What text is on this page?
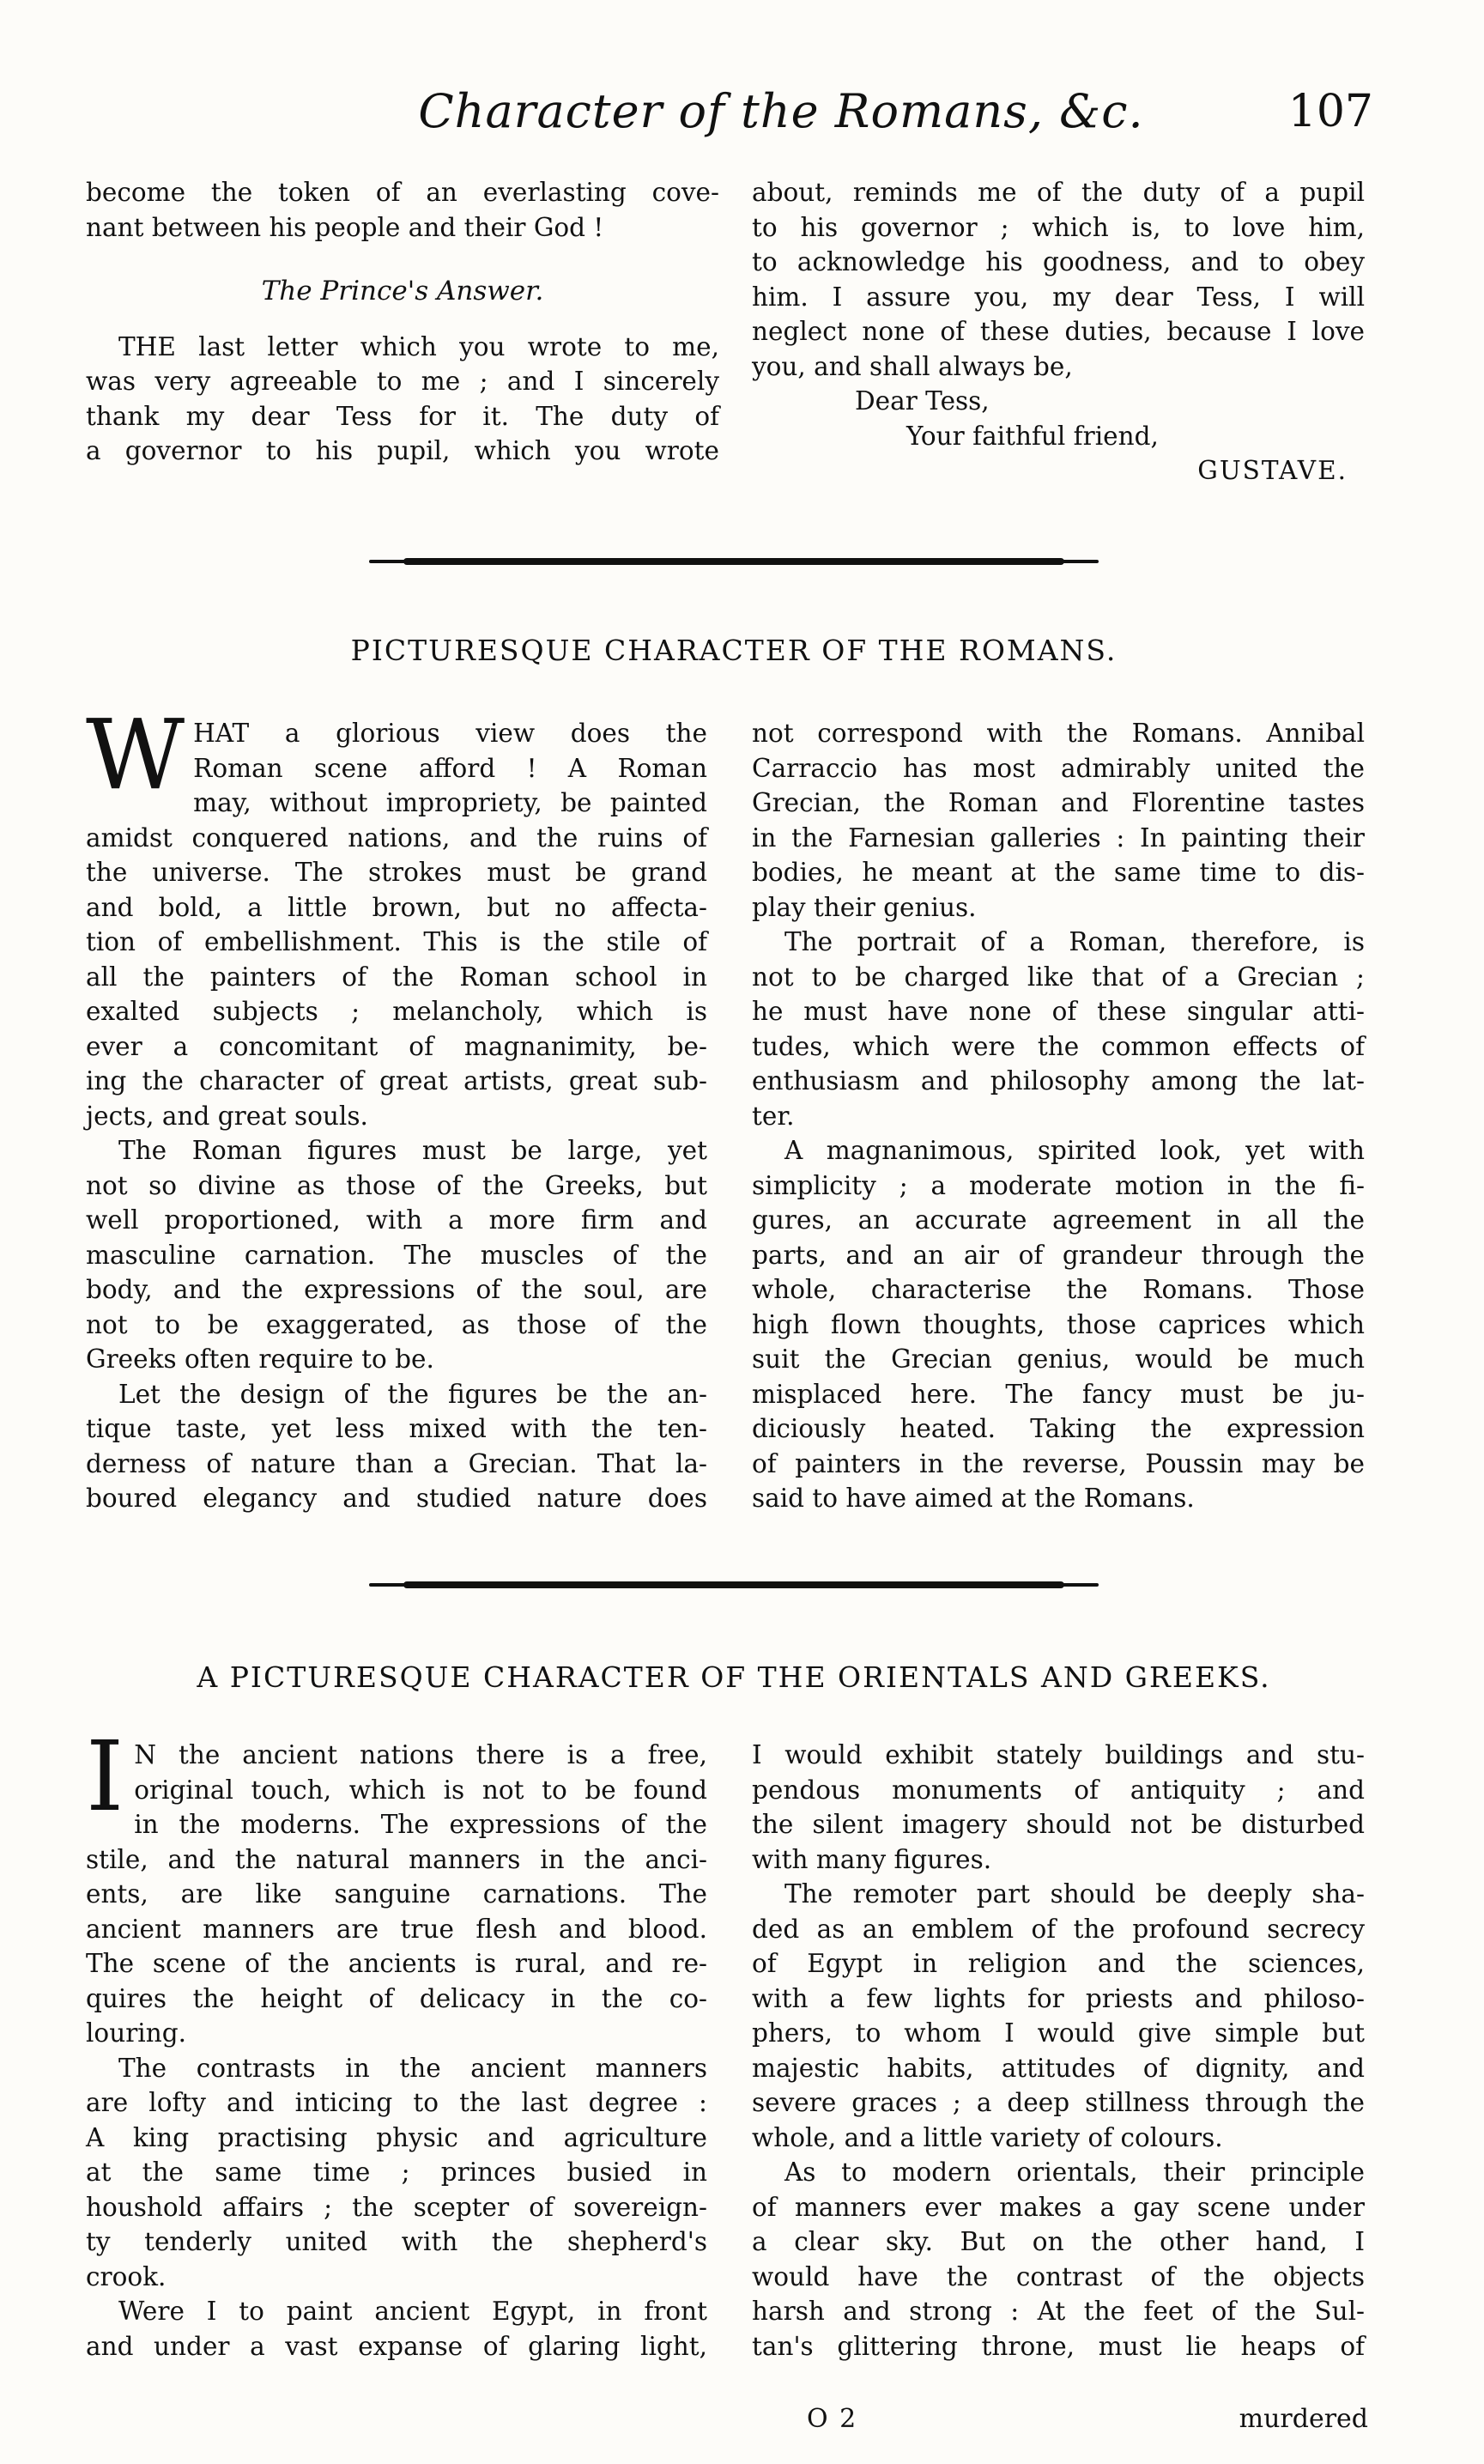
Character of the Romans, &c.	107
become the token of an everlasting cove-
nant between his people and their God !
The Prince's Answer.
THE last letter which you wrote to me,
was very agreeable to me ; and I sincerely
thank my dear Tess for it. The duty of
a governor to his pupil, which you wrote
about, reminds me of the duty of a pupil
to his governor ; which is, to love him,
to acknowledge his goodness, and to obey
him. I assure you, my dear Tess, I will
neglect none of these duties, because I love
you, and shall always be,
Dear Tess,
Your faithful friend,
GUSTAVE.
PICTURESQUE CHARACTER OF THE ROMANS.
W HAT a glorious view does the
Roman scene afford ! A Roman
may, without impropriety, be painted
amidst conquered nations, and the ruins of
the universe. The strokes must be grand
and bold, a little brown, but no affecta-
tion of embellishment. This is the stile of
all the painters of the Roman school in
exalted subjects ; melancholy, which is
ever a concomitant of magnanimity, be-
ing the character of great artists, great sub-
jects, and great souls.
The Roman figures must be large, yet
not so divine as those of the Greeks, but
well proportioned, with a more firm and
masculine carnation. The muscles of the
body, and the expressions of the soul, are
not to be exaggerated, as those of the
Greeks often require to be.
Let the design of the figures be the an-
tique taste, yet less mixed with the ten-
derness of nature than a Grecian. That la-
boured elegancy and studied nature does
not correspond with the Romans. Annibal
Carraccio has most admirably united the
Grecian, the Roman and Florentine tastes
in the Farnesian galleries : In painting their
bodies, he meant at the same time to dis-
play their genius.
The portrait of a Roman, therefore, is
not to be charged like that of a Grecian ;
he must have none of these singular atti-
tudes, which were the common effects of
enthusiasm and philosophy among the lat-
ter.
A magnanimous, spirited look, yet with
simplicity ; a moderate motion in the fi-
gures, an accurate agreement in all the
parts, and an air of grandeur through the
whole, characterise the Romans. Those
high flown thoughts, those caprices which
suit the Grecian genius, would be much
misplaced here. The fancy must be ju-
diciously heated. Taking the expression
of painters in the reverse, Poussin may be
said to have aimed at the Romans.
A PICTURESQUE CHARACTER OF THE ORIENTALS AND GREEKS.
I N the ancient nations there is a free,
original touch, which is not to be found
in the moderns. The expressions of the
stile, and the natural manners in the anci-
ents, are like sanguine carnations. The
ancient manners are true flesh and blood.
The scene of the ancients is rural, and re-
quires the height of delicacy in the co-
louring.
The contrasts in the ancient manners
are lofty and inticing to the last degree :
A king practising physic and agriculture
at the same time ; princes busied in
houshold affairs ; the scepter of sovereign-
ty tenderly united with the shepherd's
crook.
Were I to paint ancient Egypt, in front
and under a vast expanse of glaring light,
I would exhibit stately buildings and stu-
pendous monuments of antiquity ; and
the silent imagery should not be disturbed
with many figures.
The remoter part should be deeply sha-
ded as an emblem of the profound secrecy
of Egypt in religion and the sciences,
with a few lights for priests and philoso-
phers, to whom I would give simple but
majestic habits, attitudes of dignity, and
severe graces ; a deep stillness through the
whole, and a little variety of colours.
As to modern orientals, their principle
of manners ever makes a gay scene under
a clear sky. But on the other hand, I
would have the contrast of the objects
harsh and strong : At the feet of the Sul-
tan's glittering throne, must lie heaps of
O 2	murdered
